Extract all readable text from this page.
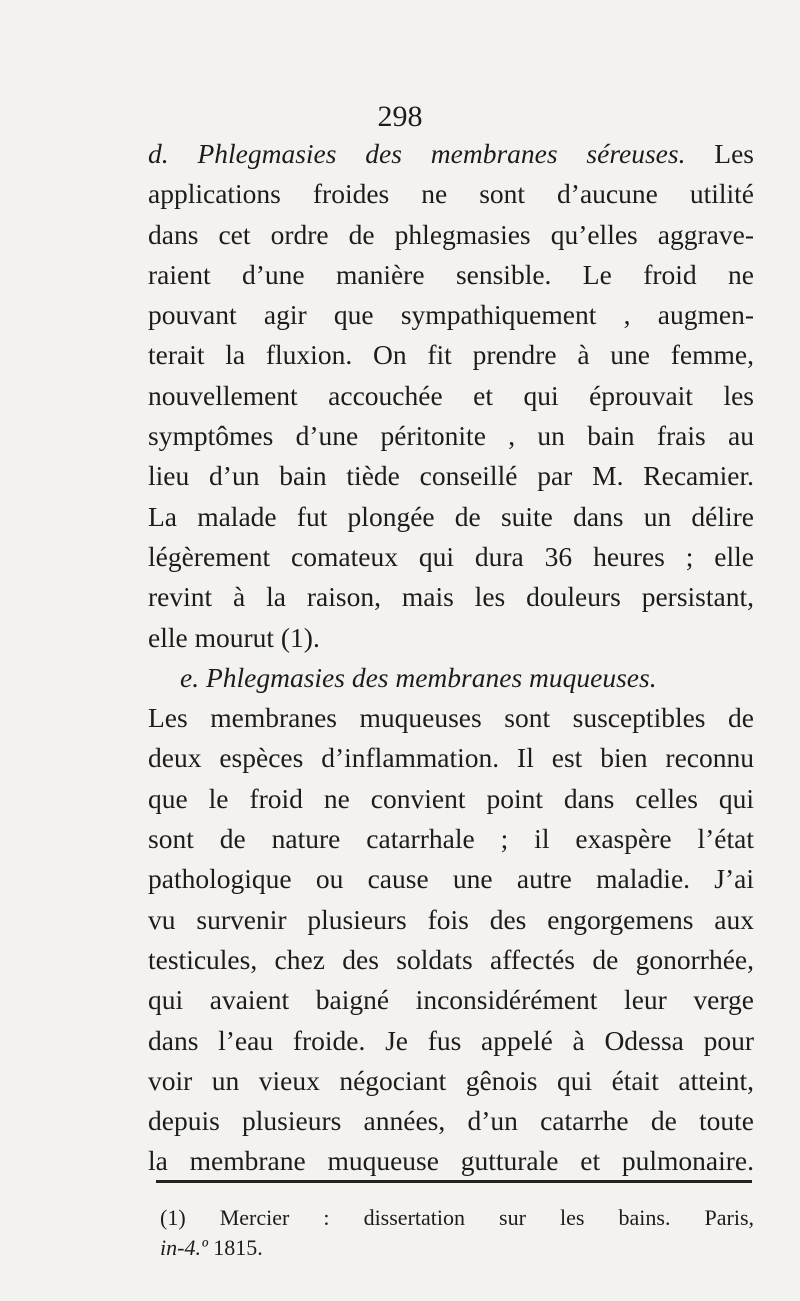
298
d. Phlegmasies des membranes séreuses. Les
applications froides ne sont d’aucune utilité
dans cet ordre de phlegmasies qu’elles aggrave-
raient d’une manière sensible. Le froid ne
pouvant agir que sympathiquement , augmen-
terait la fluxion. On fit prendre à une femme,
nouvellement accouchée et qui éprouvait les
symptômes d’une péritonite , un bain frais au
lieu d’un bain tiède conseillé par M. Recamier.
La malade fut plongée de suite dans un délire
légèrement comateux qui dura 36 heures ; elle
revint à la raison, mais les douleurs persistant,
elle mourut (1).
e. Phlegmasies des membranes muqueuses.
Les membranes muqueuses sont susceptibles de
deux espèces d’inflammation. Il est bien reconnu
que le froid ne convient point dans celles qui
sont de nature catarrhale ; il exaspère l’état
pathologique ou cause une autre maladie. J’ai
vu survenir plusieurs fois des engorgemens aux
testicules, chez des soldats affectés de gonorrhée,
qui avaient baigné inconsidérément leur verge
dans l’eau froide. Je fus appelé à Odessa pour
voir un vieux négociant gênois qui était atteint,
depuis plusieurs années, d’un catarrhe de toute
la membrane muqueuse gutturale et pulmonaire.
(1) Mercier : dissertation sur les bains. Paris,
in-4.º 1815.
